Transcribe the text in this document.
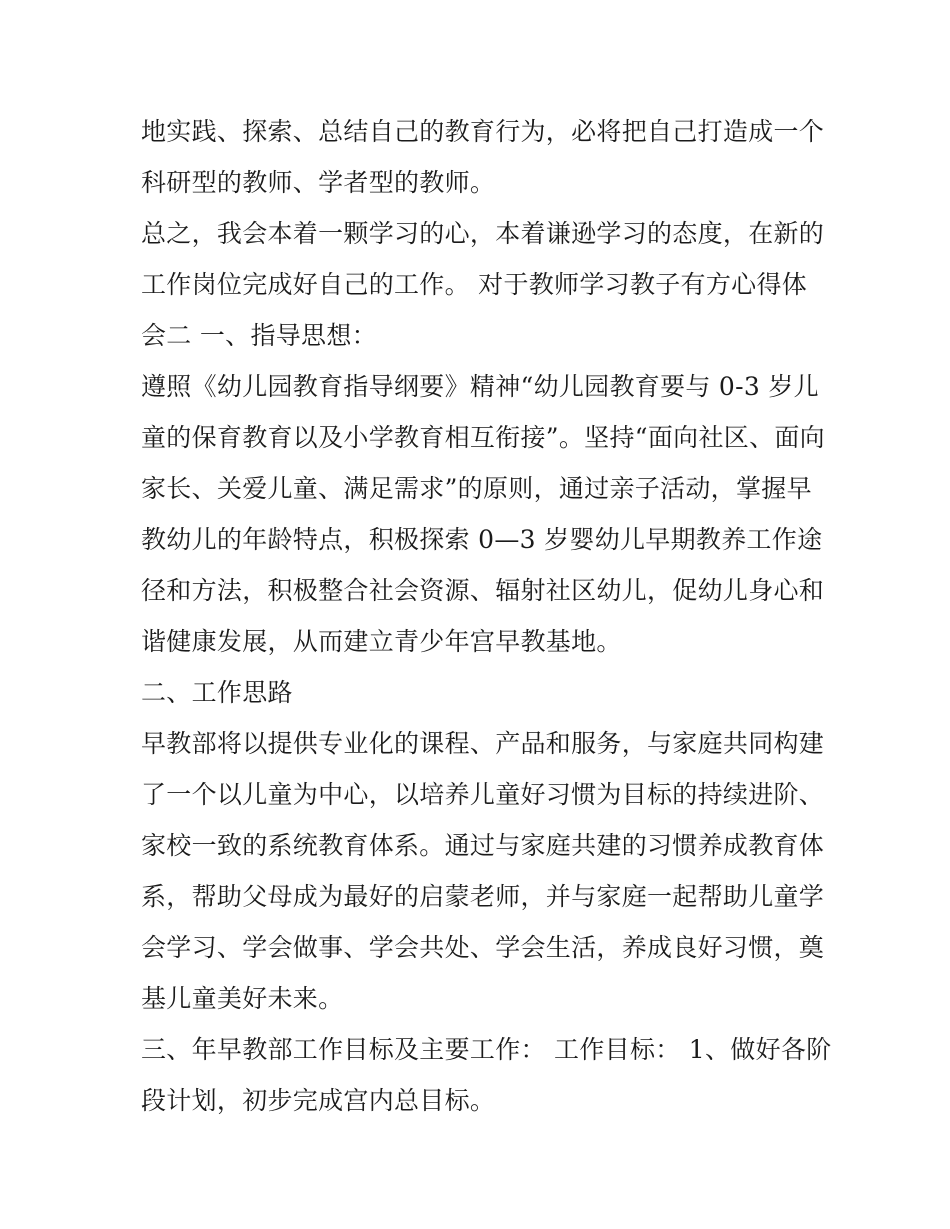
地实践、探索、总结自己的教育行为，必将把自己打造成一个
科研型的教师、学者型的教师。
总之，我会本着一颗学习的心，本着谦逊学习的态度，在新的
工作岗位完成好自己的工作。 对于教师学习教子有方心得体
会二 一、指导思想：
遵照《幼儿园教育指导纲要》精神“幼儿园教育要与 0-3 岁儿
童的保育教育以及小学教育相互衔接”。坚持“面向社区、面向
家长、关爱儿童、满足需求”的原则，通过亲子活动，掌握早
教幼儿的年龄特点，积极探索 0—3 岁婴幼儿早期教养工作途
径和方法，积极整合社会资源、辐射社区幼儿，促幼儿身心和
谐健康发展，从而建立青少年宫早教基地。
二、工作思路
早教部将以提供专业化的课程、产品和服务，与家庭共同构建
了一个以儿童为中心，以培养儿童好习惯为目标的持续进阶、
家校一致的系统教育体系。通过与家庭共建的习惯养成教育体
系，帮助父母成为最好的启蒙老师，并与家庭一起帮助儿童学
会学习、学会做事、学会共处、学会生活，养成良好习惯，奠
基儿童美好未来。
三、年早教部工作目标及主要工作： 工作目标： 1、做好各阶
段计划，初步完成宫内总目标。
